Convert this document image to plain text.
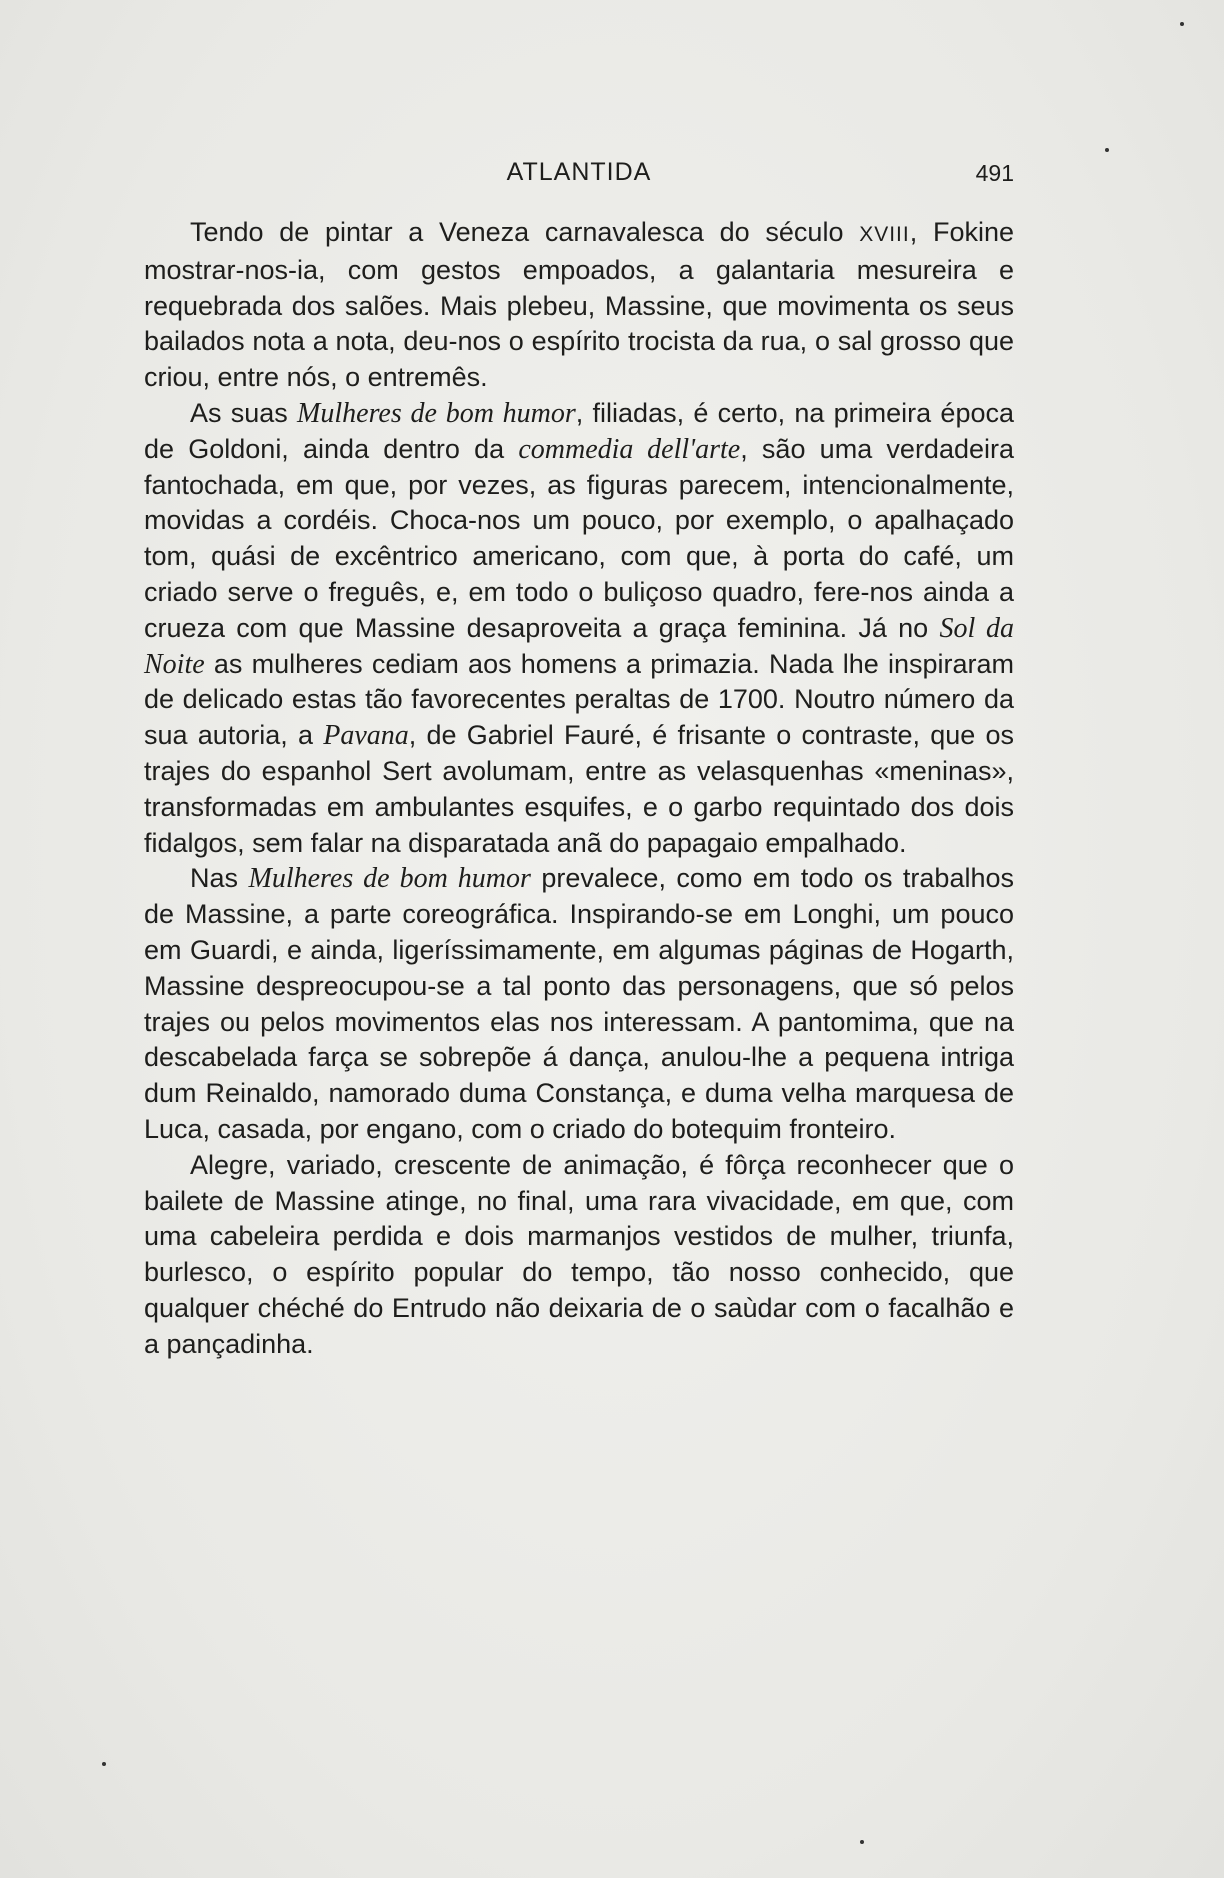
ATLANTIDA	491

Tendo de pintar a Veneza carnavalesca do século XVIII, Fokine mostrar-nos-ia, com gestos empoados, a galantaria mesureira e requebrada dos salões. Mais plebeu, Massine, que movimenta os seus bailados nota a nota, deu-nos o espírito trocista da rua, o sal grosso que criou, entre nós, o entremês.

As suas Mulheres de bom humor, filiadas, é certo, na primeira época de Goldoni, ainda dentro da commedia dell'arte, são uma verdadeira fantochada, em que, por vezes, as figuras parecem, intencionalmente, movidas a cordéis. Choca-nos um pouco, por exemplo, o apalhaçado tom, quási de excêntrico americano, com que, à porta do café, um criado serve o freguês, e, em todo o buliçoso quadro, fere-nos ainda a crueza com que Massine desaproveita a graça feminina. Já no Sol da Noite as mulheres cediam aos homens a primazia. Nada lhe inspiraram de delicado estas tão favorecentes peraltas de 1700. Noutro número da sua autoria, a Pavana, de Gabriel Fauré, é frisante o contraste, que os trajes do espanhol Sert avolumam, entre as velasquenhas «meninas», transformadas em ambulantes esquifes, e o garbo requintado dos dois fidalgos, sem falar na disparatada anã do papagaio empalhado.

Nas Mulheres de bom humor prevalece, como em todo os trabalhos de Massine, a parte coreográfica. Inspirando-se em Longhi, um pouco em Guardi, e ainda, ligeríssimamente, em algumas páginas de Hogarth, Massine despreocupou-se a tal ponto das personagens, que só pelos trajes ou pelos movimentos elas nos interessam. A pantomima, que na descabelada farça se sobrepõe á dança, anulou-lhe a pequena intriga dum Reinaldo, namorado duma Constança, e duma velha marquesa de Luca, casada, por engano, com o criado do botequim fronteiro.

Alegre, variado, crescente de animação, é fôrça reconhecer que o bailete de Massine atinge, no final, uma rara vivacidade, em que, com uma cabeleira perdida e dois marmanjos vestidos de mulher, triunfa, burlesco, o espírito popular do tempo, tão nosso conhecido, que qualquer chéché do Entrudo não deixaria de o saùdar com o facalhão e a pançadinha.
